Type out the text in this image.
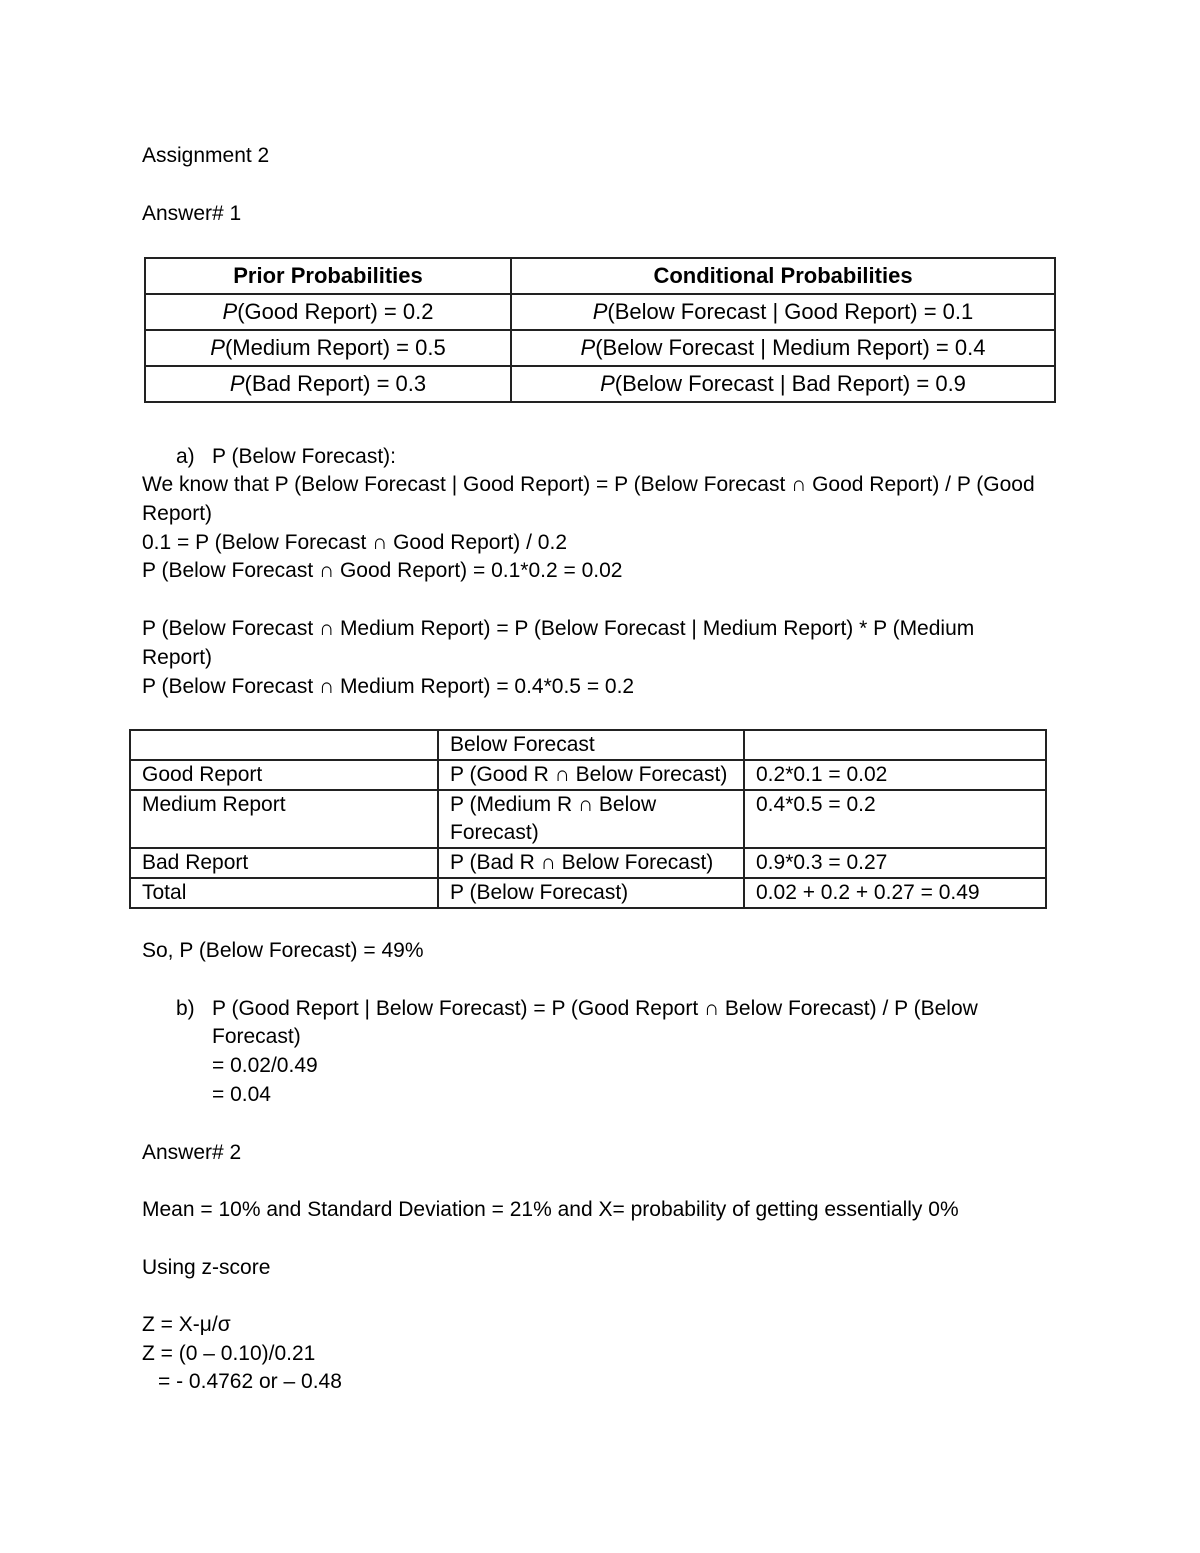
Assignment 2

Answer# 1

Prior Probabilities	Conditional Probabilities
P(Good Report) = 0.2	P(Below Forecast | Good Report) = 0.1
P(Medium Report) = 0.5	P(Below Forecast | Medium Report) = 0.4
P(Bad Report) = 0.3	P(Below Forecast | Bad Report) = 0.9

a) P (Below Forecast):

We know that P (Below Forecast | Good Report) = P (Below Forecast ∩ Good Report) / P (Good

Report)

0.1 = P (Below Forecast ∩ Good Report) / 0.2

P (Below Forecast ∩ Good Report) = 0.1*0.2 = 0.02

P (Below Forecast ∩ Medium Report) = P (Below Forecast | Medium Report) * P (Medium

Report)

P (Below Forecast ∩ Medium Report) = 0.4*0.5 = 0.2

	Below Forecast	
Good Report	P (Good R ∩ Below Forecast)	0.2*0.1 = 0.02
Medium Report	P (Medium R ∩ Below Forecast)	0.4*0.5 = 0.2
Bad Report	P (Bad R ∩ Below Forecast)	0.9*0.3 = 0.27
Total	P (Below Forecast)	0.02 + 0.2 + 0.27 = 0.49

So, P (Below Forecast) = 49%

b) P (Good Report | Below Forecast) = P (Good Report ∩ Below Forecast) / P (Below

Forecast)

= 0.02/0.49

= 0.04

Answer# 2

Mean = 10% and Standard Deviation = 21% and X= probability of getting essentially 0%

Using z-score

Z = X-μ/σ

Z = (0 – 0.10)/0.21

= - 0.4762 or – 0.48
